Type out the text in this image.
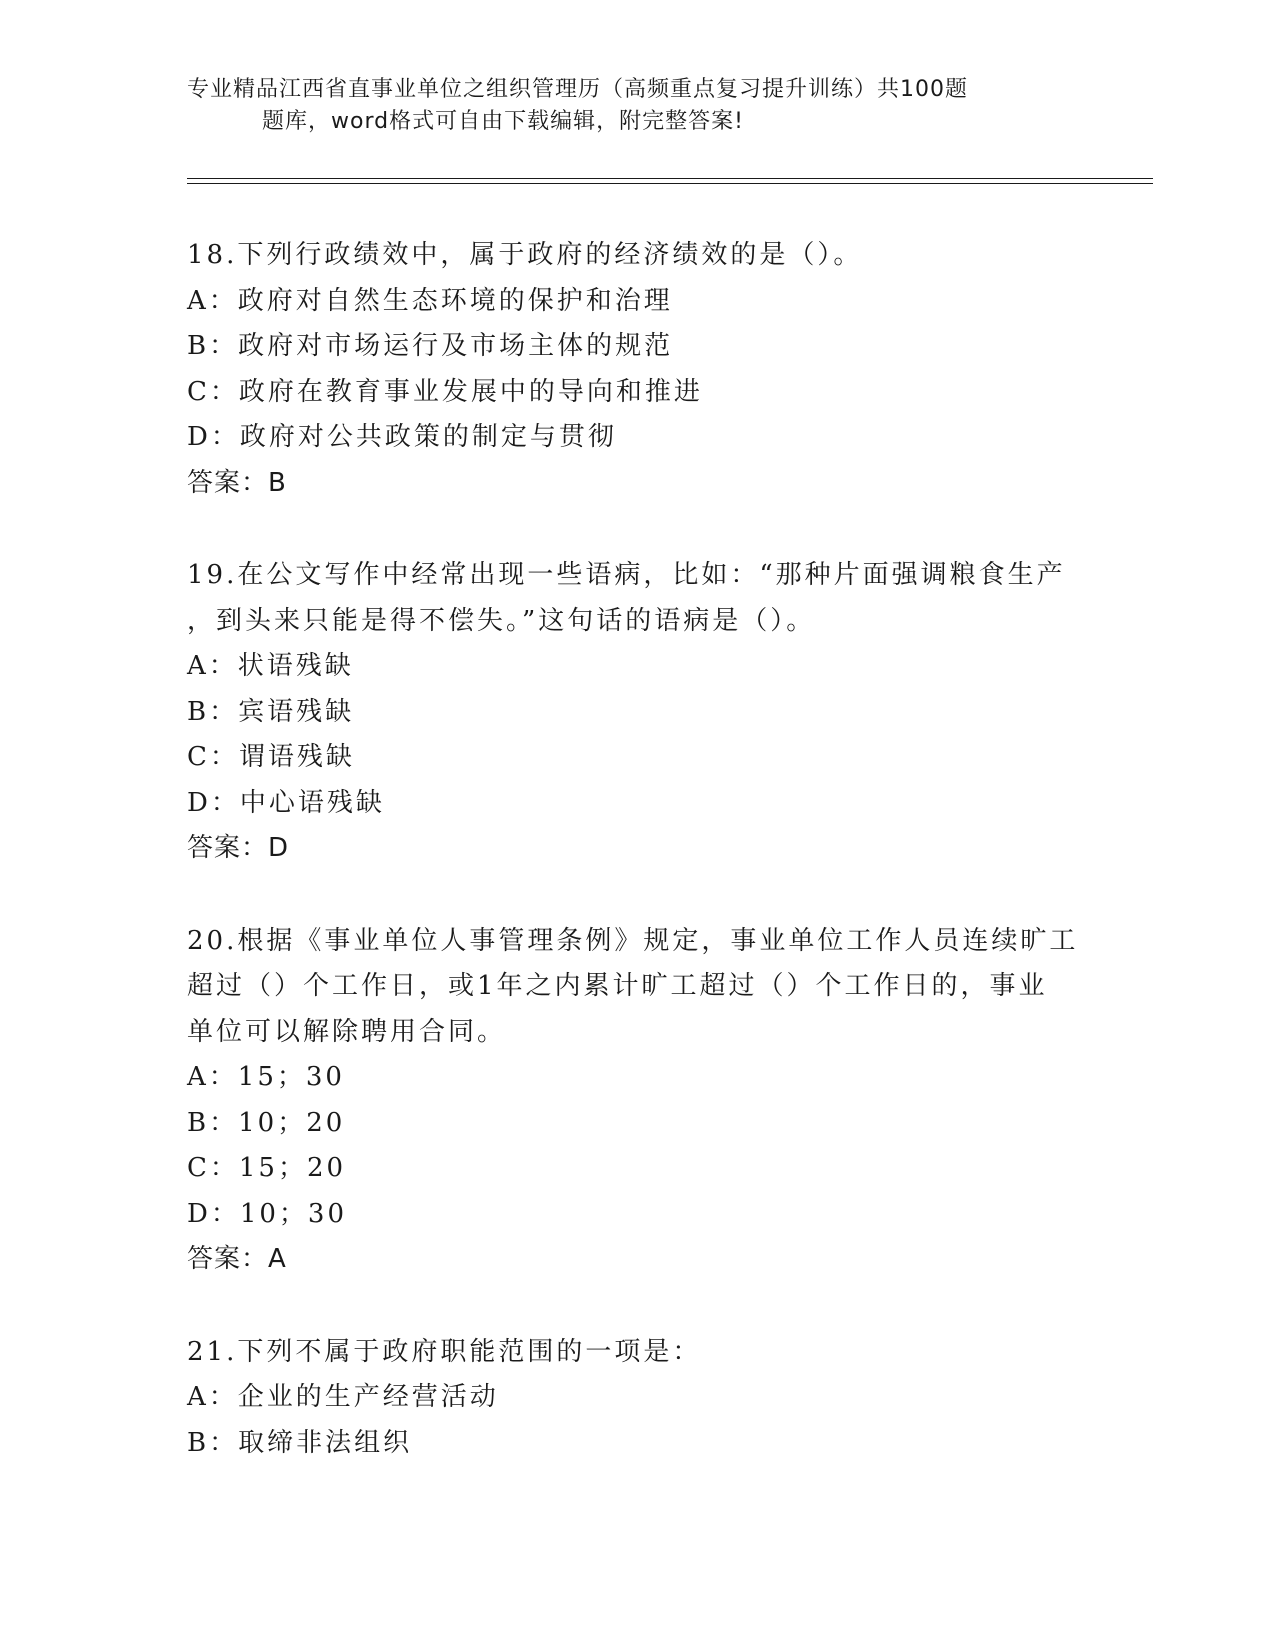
专业精品江西省直事业单位之组织管理历（高频重点复习提升训练）共100题
题库，word格式可自由下载编辑，附完整答案!
18.下列行政绩效中，属于政府的经济绩效的是（）。
A：政府对自然生态环境的保护和治理
B：政府对市场运行及市场主体的规范
C：政府在教育事业发展中的导向和推进
D：政府对公共政策的制定与贯彻
答案：B
19.在公文写作中经常出现一些语病，比如：“那种片面强调粮食生产
，到头来只能是得不偿失。”这句话的语病是（）。
A：状语残缺
B：宾语残缺
C：谓语残缺
D：中心语残缺
答案：D
20.根据《事业单位人事管理条例》规定，事业单位工作人员连续旷工
超过（）个工作日，或1年之内累计旷工超过（）个工作日的，事业
单位可以解除聘用合同。
A：15；30
B：10；20
C：15；20
D：10；30
答案：A
21.下列不属于政府职能范围的一项是：
A：企业的生产经营活动
B：取缔非法组织
